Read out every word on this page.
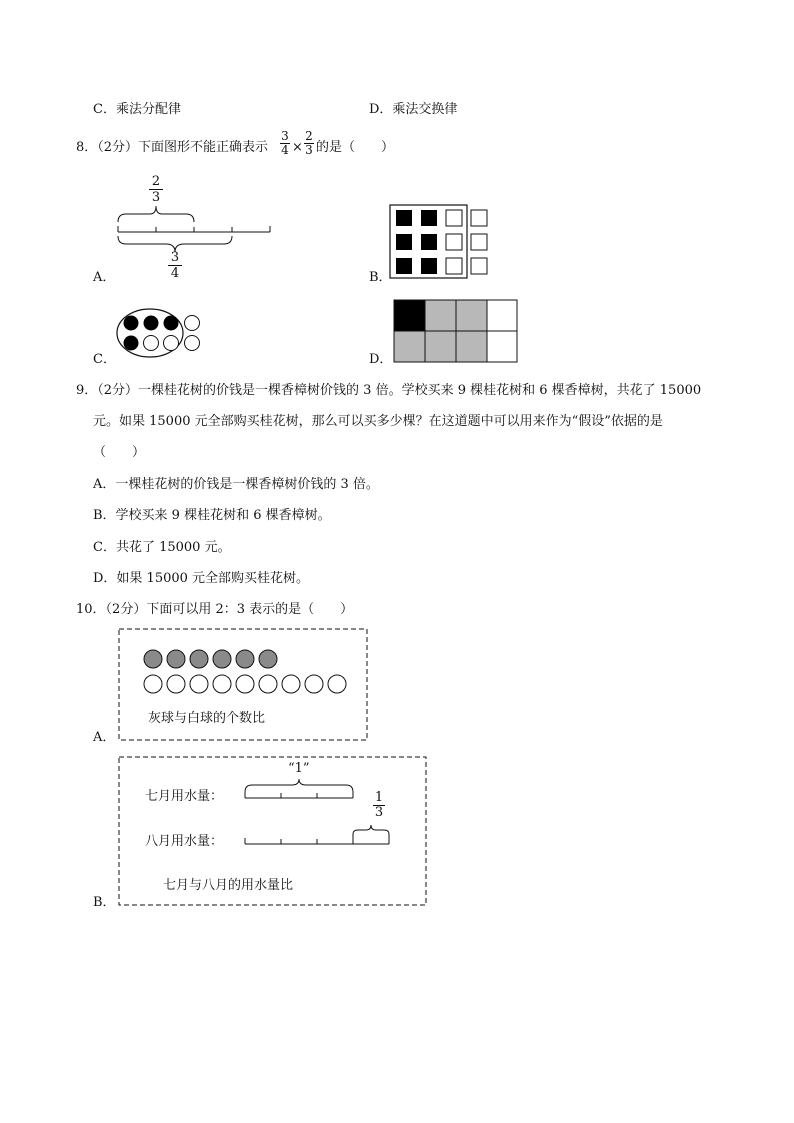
C．乘法分配律	D．乘法交换律
8．（2分）下面图形不能正确表示
3
4 ×
2
3 的是（　　）
2
3
3
4
A．	B．
C．	D．
9．（2分）一棵桂花树的价钱是一棵香樟树价钱的 3 倍。学校买来 9 棵桂花树和 6 棵香樟树，共花了 15000
元。如果 15000 元全部购买桂花树，那么可以买多少棵？在这道题中可以用来作为“假设”依据的是
（　　）
A．一棵桂花树的价钱是一棵香樟树价钱的 3 倍。
B．学校买来 9 棵桂花树和 6 棵香樟树。
C．共花了 15000 元。
D．如果 15000 元全部购买桂花树。
10．（2分）下面可以用 2：3 表示的是（　　）
灰球与白球的个数比
A．
“1”
七月用水量：	1
3
八月用水量：
七月与八月的用水量比
B．
